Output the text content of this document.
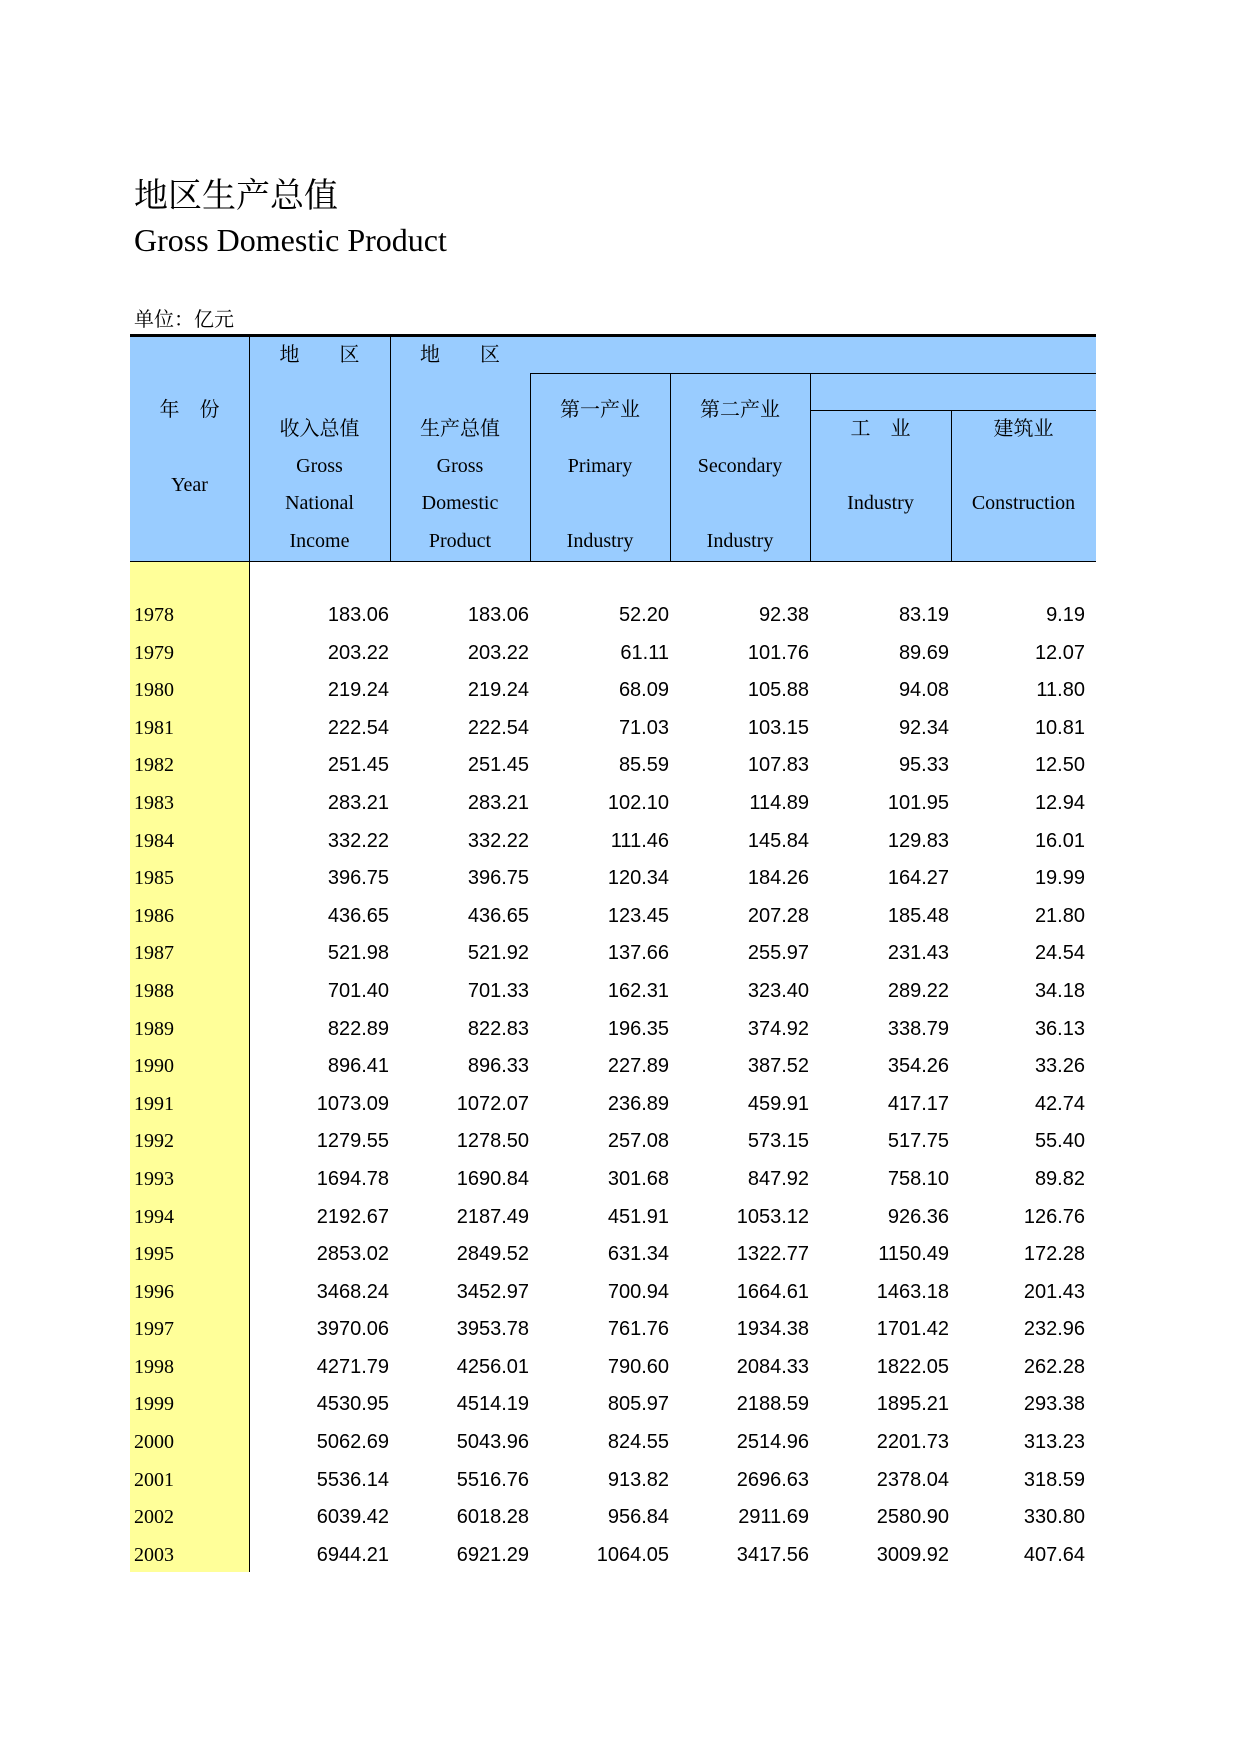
地区生产总值
Gross Domestic Product
单位：亿元
年　份
Year
地　　区
收入总值
Gross
National
Income
地　　区
生产总值
Gross
Domestic
Product
第一产业
Primary
Industry
第二产业
Secondary
Industry
工　业
Industry
建筑业
Construction
1978	183.06	183.06	52.20	92.38	83.19	9.19
1979	203.22	203.22	61.11	101.76	89.69	12.07
1980	219.24	219.24	68.09	105.88	94.08	11.80
1981	222.54	222.54	71.03	103.15	92.34	10.81
1982	251.45	251.45	85.59	107.83	95.33	12.50
1983	283.21	283.21	102.10	114.89	101.95	12.94
1984	332.22	332.22	111.46	145.84	129.83	16.01
1985	396.75	396.75	120.34	184.26	164.27	19.99
1986	436.65	436.65	123.45	207.28	185.48	21.80
1987	521.98	521.92	137.66	255.97	231.43	24.54
1988	701.40	701.33	162.31	323.40	289.22	34.18
1989	822.89	822.83	196.35	374.92	338.79	36.13
1990	896.41	896.33	227.89	387.52	354.26	33.26
1991	1073.09	1072.07	236.89	459.91	417.17	42.74
1992	1279.55	1278.50	257.08	573.15	517.75	55.40
1993	1694.78	1690.84	301.68	847.92	758.10	89.82
1994	2192.67	2187.49	451.91	1053.12	926.36	126.76
1995	2853.02	2849.52	631.34	1322.77	1150.49	172.28
1996	3468.24	3452.97	700.94	1664.61	1463.18	201.43
1997	3970.06	3953.78	761.76	1934.38	1701.42	232.96
1998	4271.79	4256.01	790.60	2084.33	1822.05	262.28
1999	4530.95	4514.19	805.97	2188.59	1895.21	293.38
2000	5062.69	5043.96	824.55	2514.96	2201.73	313.23
2001	5536.14	5516.76	913.82	2696.63	2378.04	318.59
2002	6039.42	6018.28	956.84	2911.69	2580.90	330.80
2003	6944.21	6921.29	1064.05	3417.56	3009.92	407.64
